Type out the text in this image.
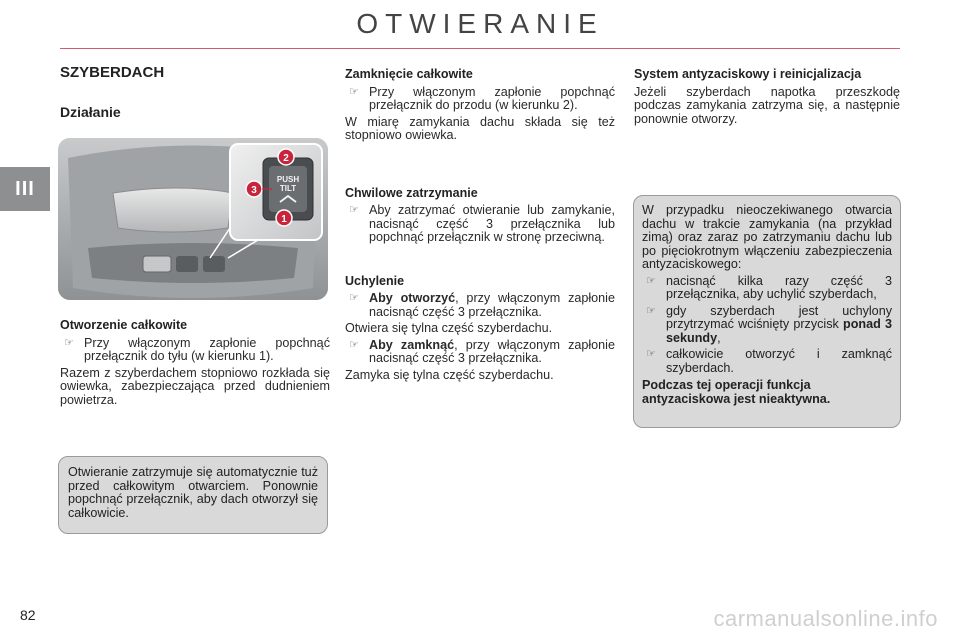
OTWIERANIE
III
SZYBERDACH
Działanie
PUSH
TILT
2
3
1
Otworzenie całkowite
☞ Przy włączonym zapłonie popchnąć przełącznik do tyłu (w kierunku 1).

Razem z szyberdachem stopniowo rozkłada się owiewka, zabezpieczająca przed dudnieniem powietrza.

Otwieranie zatrzymuje się automatycznie tuż przed całkowitym otwarciem. Ponownie popchnąć przełącznik, aby dach otworzył się całkowicie.

Zamknięcie całkowite
☞ Przy włączonym zapłonie popchnąć przełącznik do przodu (w kierunku 2).

W miarę zamykania dachu składa się też stopniowo owiewka.

Chwilowe zatrzymanie
☞ Aby zatrzymać otwieranie lub zamykanie, nacisnąć część 3 przełącznika lub popchnąć przełącznik w stronę przeciwną.
Uchylenie
☞ Aby otworzyć, przy włączonym zapłonie nacisnąć część 3 przełącznika.

Otwiera się tylna część szyberdachu.

☞ Aby zamknąć, przy włączonym zapłonie nacisnąć część 3 przełącznika.

Zamyka się tylna część szyberdachu.

System antyzaciskowy i reinicjalizacja

Jeżeli szyberdach napotka przeszkodę podczas zamykania zatrzyma się, a następnie ponownie otworzy.

W przypadku nieoczekiwanego otwarcia dachu w trakcie zamykania (na przykład zimą) oraz zaraz po zatrzymaniu dachu lub po pięciokrotnym włączeniu zabezpieczenia antyzaciskowego:

☞ nacisnąć kilka razy część 3 przełącznika, aby uchylić szyberdach,
☞ gdy szyberdach jest uchylony przytrzymać wciśnięty przycisk ponad 3 sekundy,
☞ całkowicie otworzyć i zamknąć szyberdach.

Podczas tej operacji funkcja antyzaciskowa jest nieaktywna.

82	carmanualsonline.info
